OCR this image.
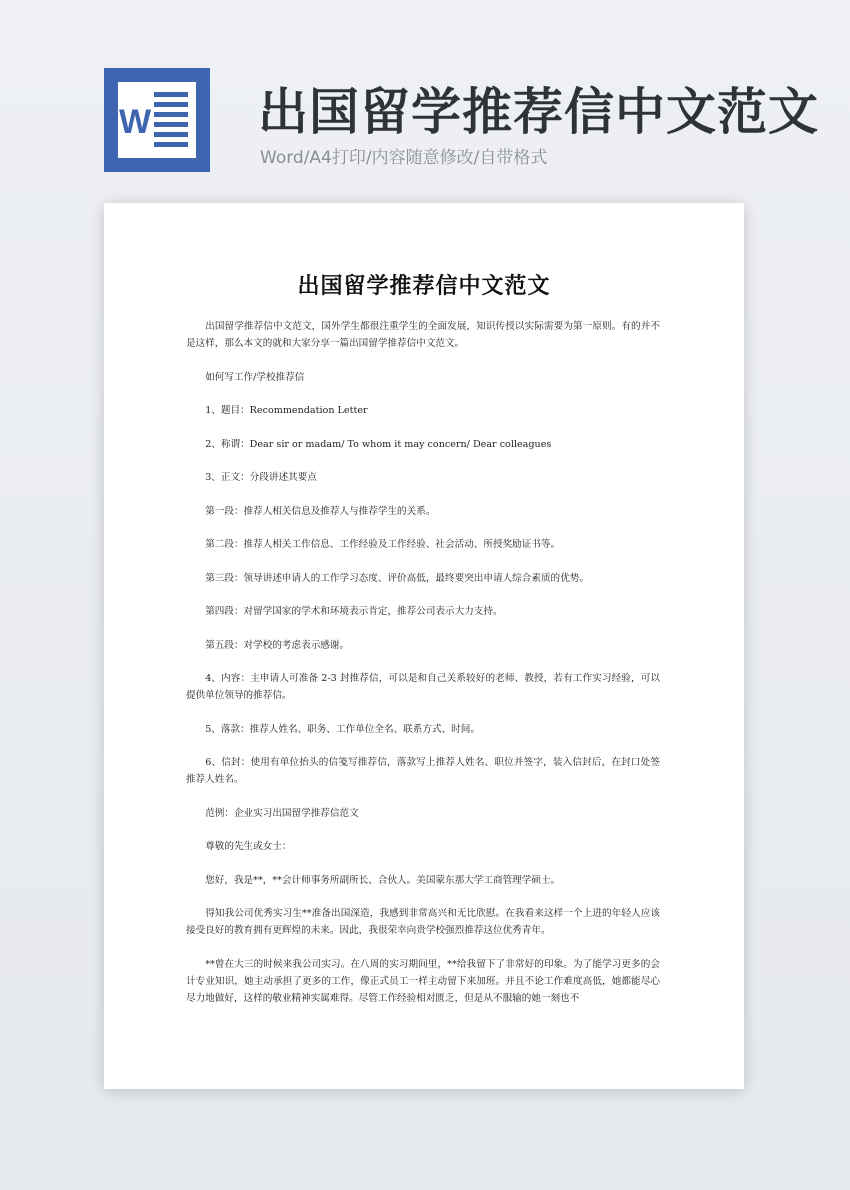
W 出国留学推荐信中文范文
Word/A4打印/内容随意修改/自带格式
出国留学推荐信中文范文

出国留学推荐信中文范文，国外学生都很注重学生的全面发展，知识传授以实际需要为第一原则。有的并不是这样，那么本文的就和大家分享一篇出国留学推荐信中文范文。

如何写工作/学校推荐信

1、题目：Recommendation Letter

2、称谓：Dear sir or madam/ To whom it may concern/ Dear colleagues

3、正文：分段讲述其要点

第一段：推荐人相关信息及推荐人与推荐学生的关系。

第二段：推荐人相关工作信息、工作经验及工作经验、社会活动、所授奖励证书等。

第三段：领导讲述申请人的工作学习态度、评价高低，最终要突出申请人综合素质的优势。

第四段：对留学国家的学术和环境表示肯定，推荐公司表示大力支持。

第五段：对学校的考虑表示感谢。

4、内容：主申请人可准备 2-3 封推荐信，可以是和自己关系较好的老师、教授，若有工作实习经验，可以提供单位领导的推荐信。

5、落款：推荐人姓名、职务、工作单位全名、联系方式、时间。

6、信封：使用有单位抬头的信笺写推荐信，落款写上推荐人姓名、职位并签字，装入信封后，在封口处签推荐人姓名。

范例：企业实习出国留学推荐信范文

尊敬的先生或女士：

您好，我是**，**会计师事务所副所长、合伙人。美国蒙东那大学工商管理学硕士。

得知我公司优秀实习生**准备出国深造，我感到非常高兴和无比欣慰。在我看来这样一个上进的年轻人应该接受良好的教育拥有更辉煌的未来。因此，我很荣幸向贵学校强烈推荐这位优秀青年。

**曾在大三的时候来我公司实习。在八周的实习期间里，**给我留下了非常好的印象。为了能学习更多的会计专业知识，她主动承担了更多的工作，像正式员工一样主动留下来加班。并且不论工作难度高低，她都能尽心尽力地做好，这样的敬业精神实属难得。尽管工作经验相对匮乏，但是从不服输的她一刻也不
